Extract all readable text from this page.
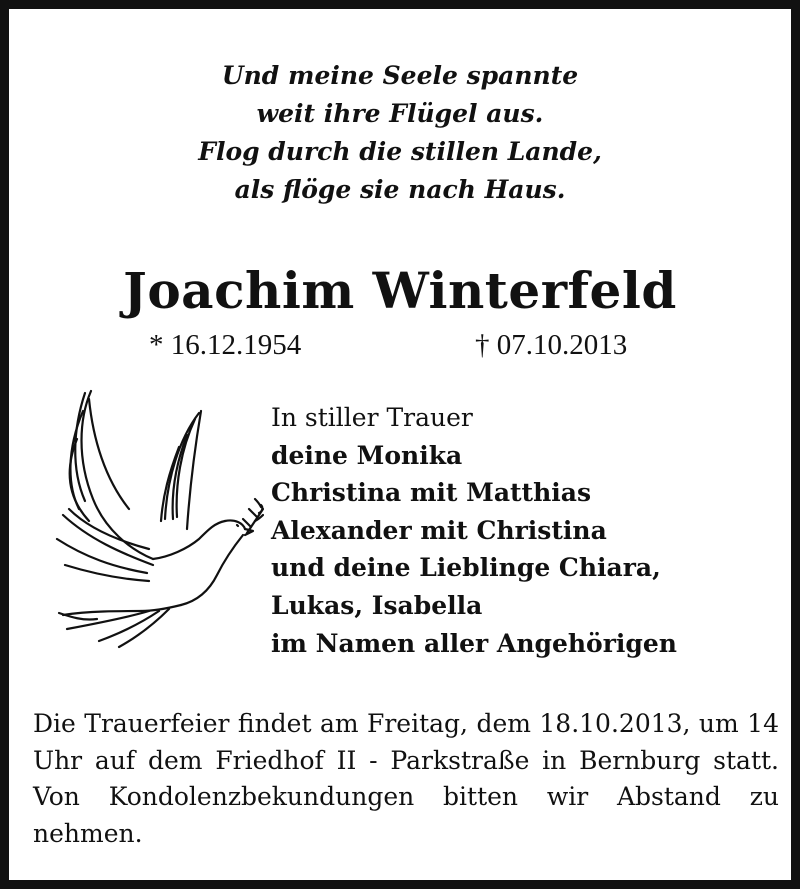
Und meine Seele spannte
weit ihre Flügel aus.
Flog durch die stillen Lande,
als flöge sie nach Haus.
Joachim Winterfeld
* 16.12.1954	† 07.10.2013
In stiller Trauer
deine Monika
Christina mit Matthias
Alexander mit Christina
und deine Lieblinge Chiara,
Lukas, Isabella
im Namen aller Angehörigen
Die Trauerfeier findet am Freitag, dem 18.10.2013, um 14 Uhr auf dem Friedhof II - Parkstraße in Bernburg statt. Von Kondolenzbekundungen bitten wir Abstand zu nehmen.
